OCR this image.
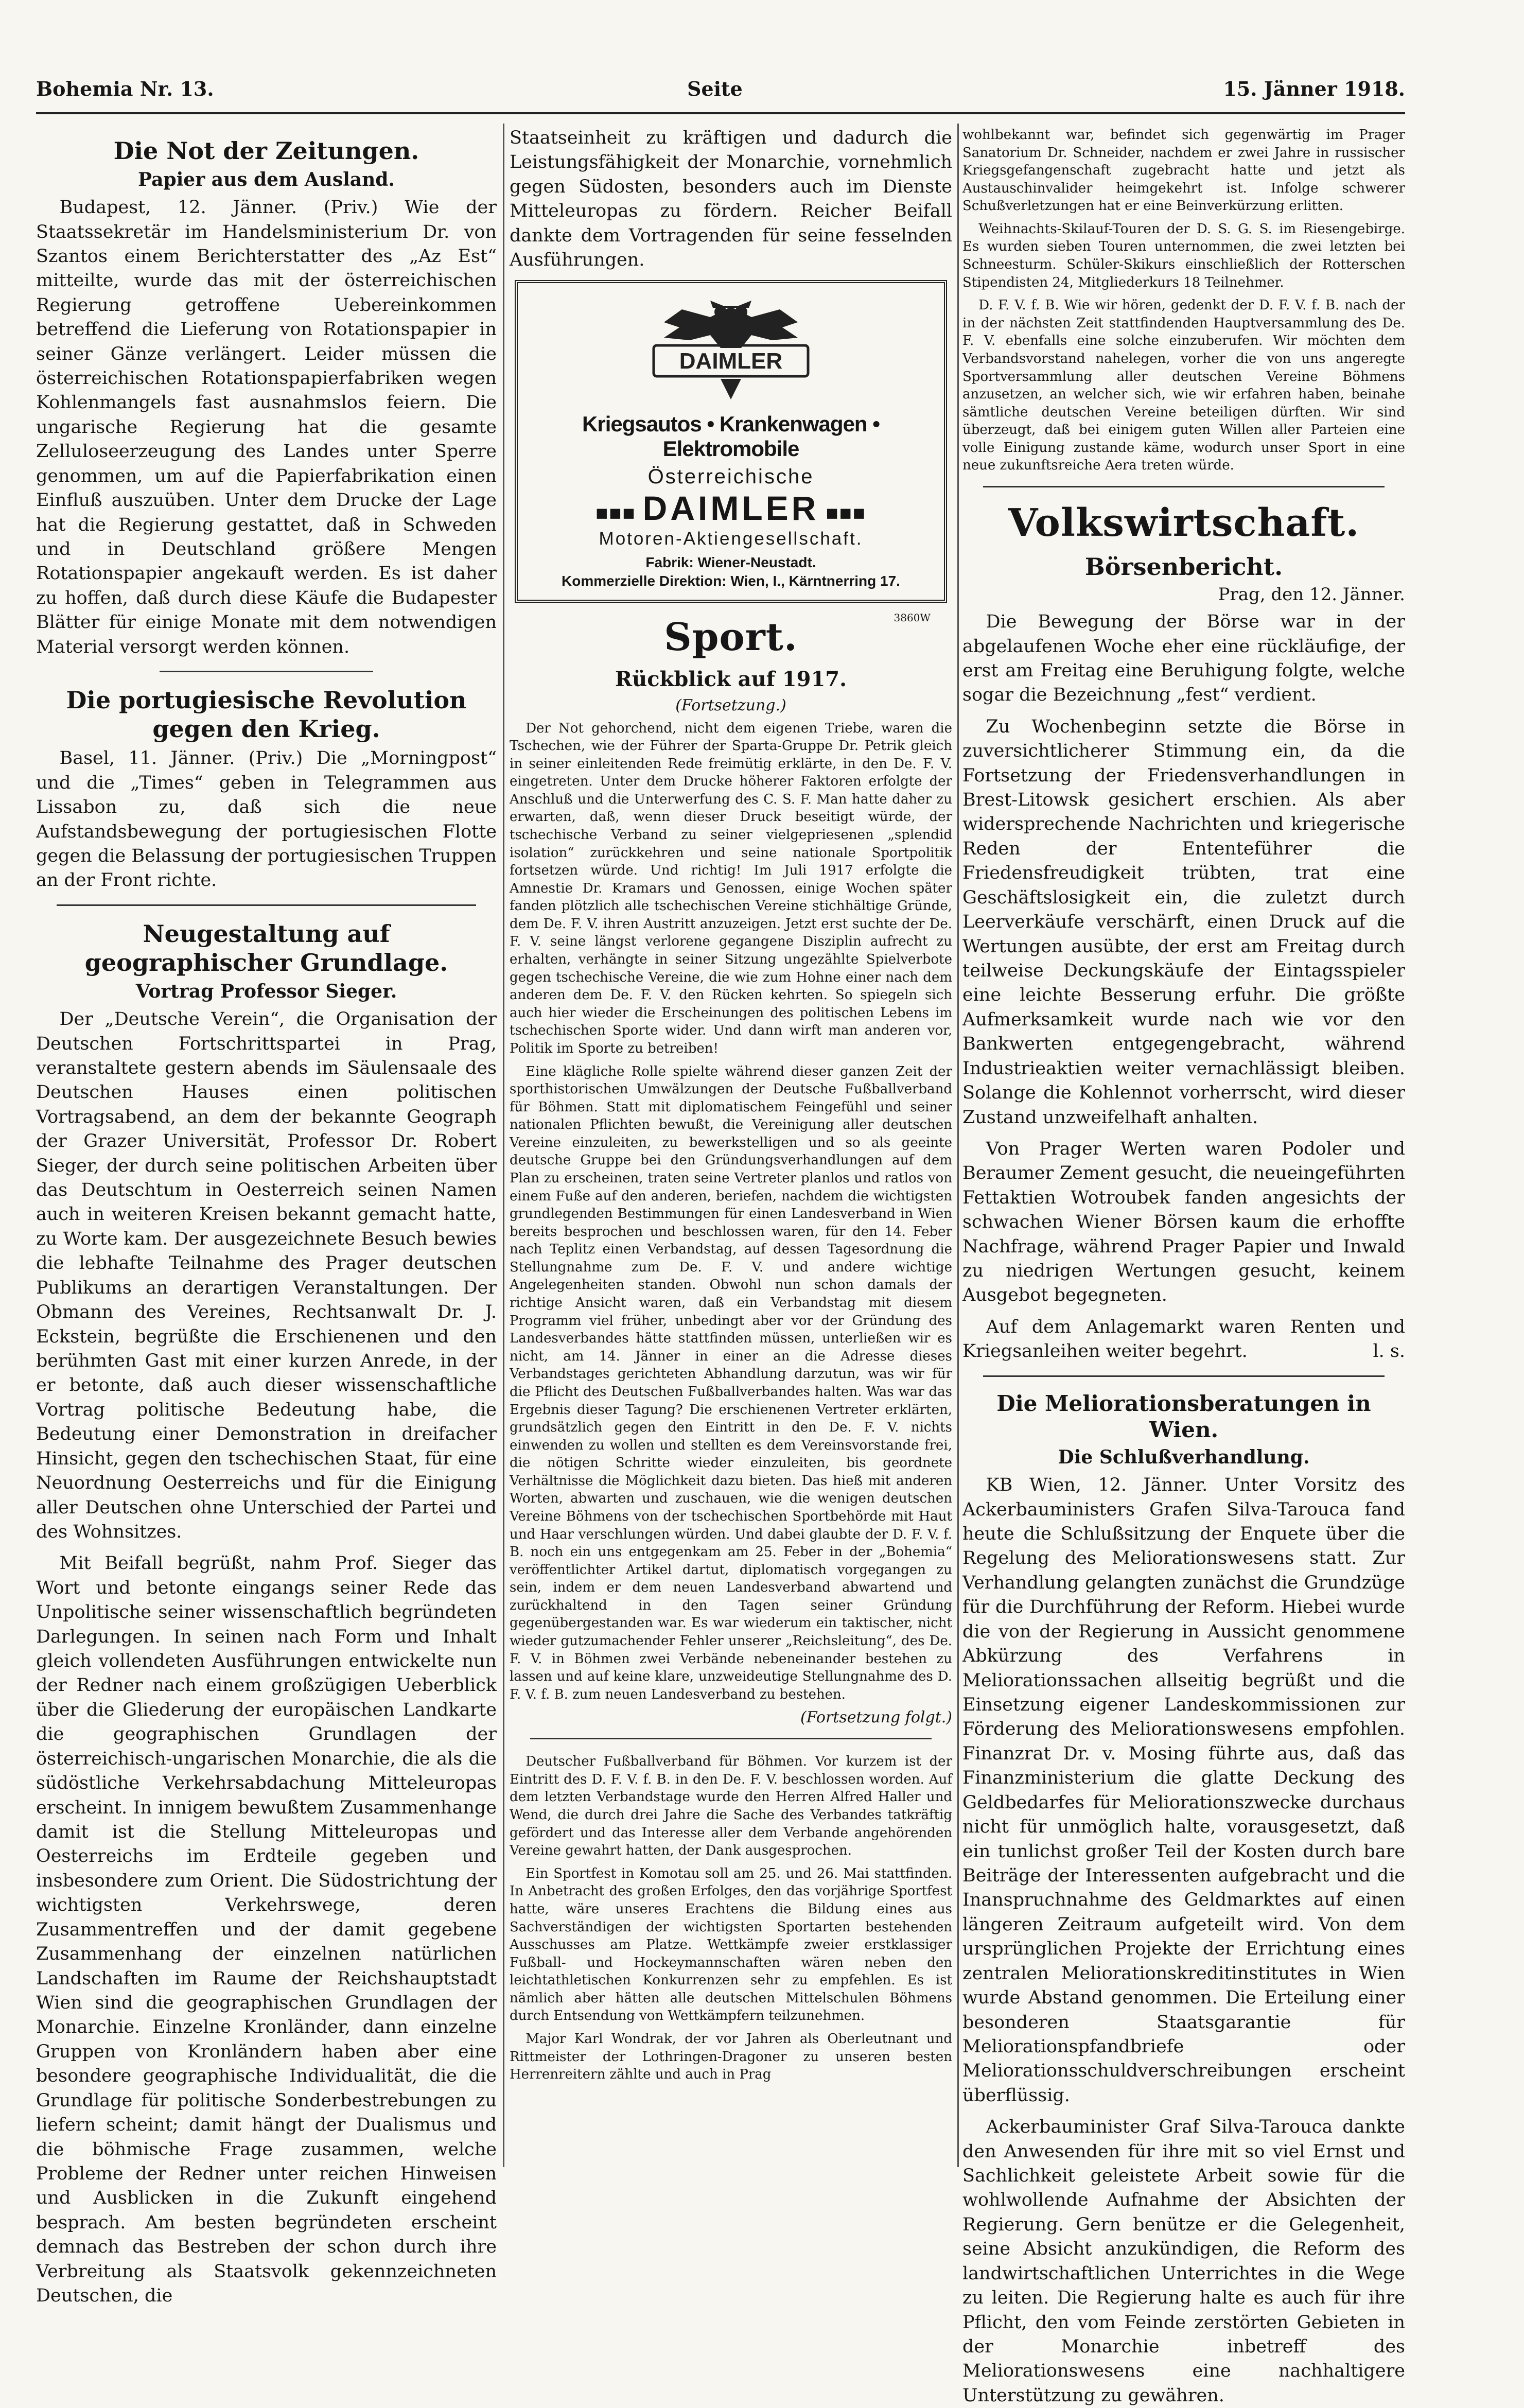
Bohemia Nr. 13.	Seite	15. Jänner 1918.
Die Not der Zeitungen.
Papier aus dem Ausland.

Budapest, 12. Jänner. (Priv.) Wie der Staatssekretär im Handelsministerium Dr. von Szantos einem Berichterstatter des „Az Est“ mitteilte, wurde das mit der österreichischen Regierung getroffene Uebereinkommen betreffend die Lieferung von Rotationspapier in seiner Gänze verlängert. Leider müssen die österreichischen Rotationspapierfabriken wegen Kohlenmangels fast ausnahmslos feiern. Die ungarische Regierung hat die gesamte Zelluloseerzeugung des Landes unter Sperre genommen, um auf die Papierfabrikation einen Einfluß auszuüben. Unter dem Drucke der Lage hat die Regierung gestattet, daß in Schweden und in Deutschland größere Mengen Rotationspapier angekauft werden. Es ist daher zu hoffen, daß durch diese Käufe die Budapester Blätter für einige Monate mit dem notwendigen Material versorgt werden können.

Die portugiesische Revolution gegen den Krieg.

Basel, 11. Jänner. (Priv.) Die „Morningpost“ und die „Times“ geben in Telegrammen aus Lissabon zu, daß sich die neue Aufstandsbewegung der portugiesischen Flotte gegen die Belassung der portugiesischen Truppen an der Front richte.

Neugestaltung auf geographischer Grundlage.
Vortrag Professor Sieger.

Der „Deutsche Verein“, die Organisation der Deutschen Fortschrittspartei in Prag, veranstaltete gestern abends im Säulensaale des Deutschen Hauses einen politischen Vortragsabend, an dem der bekannte Geograph der Grazer Universität, Professor Dr. Robert Sieger, der durch seine politischen Arbeiten über das Deutschtum in Oesterreich seinen Namen auch in weiteren Kreisen bekannt gemacht hatte, zu Worte kam. Der ausgezeichnete Besuch bewies die lebhafte Teilnahme des Prager deutschen Publikums an derartigen Veranstaltungen. Der Obmann des Vereines, Rechtsanwalt Dr. J. Eckstein, begrüßte die Erschienenen und den berühmten Gast mit einer kurzen Anrede, in der er betonte, daß auch dieser wissenschaftliche Vortrag politische Bedeutung habe, die Bedeutung einer Demonstration in dreifacher Hinsicht, gegen den tschechischen Staat, für eine Neuordnung Oesterreichs und für die Einigung aller Deutschen ohne Unterschied der Partei und des Wohnsitzes.

Mit Beifall begrüßt, nahm Prof. Sieger das Wort und betonte eingangs seiner Rede das Unpolitische seiner wissenschaftlich begründeten Darlegungen. In seinen nach Form und Inhalt gleich vollendeten Ausführungen entwickelte nun der Redner nach einem großzügigen Ueberblick über die Gliederung der europäischen Landkarte die geographischen Grundlagen der österreichisch-ungarischen Monarchie, die als die südöstliche Verkehrsabdachung Mitteleuropas erscheint. In innigem bewußtem Zusammenhange damit ist die Stellung Mitteleuropas und Oesterreichs im Erdteile gegeben und insbesondere zum Orient. Die Südostrichtung der wichtigsten Verkehrswege, deren Zusammentreffen und der damit gegebene Zusammenhang der einzelnen natürlichen Landschaften im Raume der Reichshauptstadt Wien sind die geographischen Grundlagen der Monarchie. Einzelne Kronländer, dann einzelne Gruppen von Kronländern haben aber eine besondere geographische Individualität, die die Grundlage für politische Sonderbestrebungen zu liefern scheint; damit hängt der Dualismus und die böhmische Frage zusammen, welche Probleme der Redner unter reichen Hinweisen und Ausblicken in die Zukunft eingehend besprach. Am besten begründeten erscheint demnach das Bestreben der schon durch ihre Verbreitung als Staatsvolk gekennzeichneten Deutschen, die

Staatseinheit zu kräftigen und dadurch die Leistungsfähigkeit der Monarchie, vornehmlich gegen Südosten, besonders auch im Dienste Mitteleuropas zu fördern. Reicher Beifall dankte dem Vortragenden für seine fesselnden Ausführungen.

DAIMLER
Kriegsautos • Krankenwagen • Elektromobile
Österreichische
■■■ DAIMLER ■■■
Motoren-Aktiengesellschaft.
Fabrik: Wiener-Neustadt.
Kommerzielle Direktion: Wien, I., Kärntnerring 17.
3860W
Sport.
Rückblick auf 1917.
(Fortsetzung.)

Der Not gehorchend, nicht dem eigenen Triebe, waren die Tschechen, wie der Führer der Sparta-Gruppe Dr. Petrik gleich in seiner einleitenden Rede freimütig erklärte, in den De. F. V. eingetreten. Unter dem Drucke höherer Faktoren erfolgte der Anschluß und die Unterwerfung des C. S. F. Man hatte daher zu erwarten, daß, wenn dieser Druck beseitigt würde, der tschechische Verband zu seiner vielgepriesenen „splendid isolation“ zurückkehren und seine nationale Sportpolitik fortsetzen würde. Und richtig! Im Juli 1917 erfolgte die Amnestie Dr. Kramars und Genossen, einige Wochen später fanden plötzlich alle tschechischen Vereine stichhältige Gründe, dem De. F. V. ihren Austritt anzuzeigen. Jetzt erst suchte der De. F. V. seine längst verlorene gegangene Disziplin aufrecht zu erhalten, verhängte in seiner Sitzung ungezählte Spielverbote gegen tschechische Vereine, die wie zum Hohne einer nach dem anderen dem De. F. V. den Rücken kehrten. So spiegeln sich auch hier wieder die Erscheinungen des politischen Lebens im tschechischen Sporte wider. Und dann wirft man anderen vor, Politik im Sporte zu betreiben!

Eine klägliche Rolle spielte während dieser ganzen Zeit der sporthistorischen Umwälzungen der Deutsche Fußballverband für Böhmen. Statt mit diplomatischem Feingefühl und seiner nationalen Pflichten bewußt, die Vereinigung aller deutschen Vereine einzuleiten, zu bewerkstelligen und so als geeinte deutsche Gruppe bei den Gründungsverhandlungen auf dem Plan zu erscheinen, traten seine Vertreter planlos und ratlos von einem Fuße auf den anderen, beriefen, nachdem die wichtigsten grundlegenden Bestimmungen für einen Landesverband in Wien bereits besprochen und beschlossen waren, für den 14. Feber nach Teplitz einen Verbandstag, auf dessen Tagesordnung die Stellungnahme zum De. F. V. und andere wichtige Angelegenheiten standen. Obwohl nun schon damals der richtige Ansicht waren, daß ein Verbandstag mit diesem Programm viel früher, unbedingt aber vor der Gründung des Landesverbandes hätte stattfinden müssen, unterließen wir es nicht, am 14. Jänner in einer an die Adresse dieses Verbandstages gerichteten Abhandlung darzutun, was wir für die Pflicht des Deutschen Fußballverbandes halten. Was war das Ergebnis dieser Tagung? Die erschienenen Vertreter erklärten, grundsätzlich gegen den Eintritt in den De. F. V. nichts einwenden zu wollen und stellten es dem Vereinsvorstande frei, die nötigen Schritte wieder einzuleiten, bis geordnete Verhältnisse die Möglichkeit dazu bieten. Das hieß mit anderen Worten, abwarten und zuschauen, wie die wenigen deutschen Vereine Böhmens von der tschechischen Sportbehörde mit Haut und Haar verschlungen würden. Und dabei glaubte der D. F. V. f. B. noch ein uns entgegenkam am 25. Feber in der „Bohemia“ veröffentlichter Artikel dartut, diplomatisch vorgegangen zu sein, indem er dem neuen Landesverband abwartend und zurückhaltend in den Tagen seiner Gründung gegenübergestanden war. Es war wiederum ein taktischer, nicht wieder gutzumachender Fehler unserer „Reichsleitung“, des De. F. V. in Böhmen zwei Verbände nebeneinander bestehen zu lassen und auf keine klare, unzweideutige Stellungnahme des D. F. V. f. B. zum neuen Landesverband zu bestehen.

(Fortsetzung folgt.)

Deutscher Fußballverband für Böhmen. Vor kurzem ist der Eintritt des D. F. V. f. B. in den De. F. V. beschlossen worden. Auf dem letzten Verbandstage wurde den Herren Alfred Haller und Wend, die durch drei Jahre die Sache des Verbandes tatkräftig gefördert und das Interesse aller dem Verbande angehörenden Vereine gewahrt hatten, der Dank ausgesprochen.

Ein Sportfest in Komotau soll am 25. und 26. Mai stattfinden. In Anbetracht des großen Erfolges, den das vorjährige Sportfest hatte, wäre unseres Erachtens die Bildung eines aus Sachverständigen der wichtigsten Sportarten bestehenden Ausschusses am Platze. Wettkämpfe zweier erstklassiger Fußball- und Hockeymannschaften wären neben den leichtathletischen Konkurrenzen sehr zu empfehlen. Es ist nämlich aber hätten alle deutschen Mittelschulen Böhmens durch Entsendung von Wettkämpfern teilzunehmen.

Major Karl Wondrak, der vor Jahren als Oberleutnant und Rittmeister der Lothringen-Dragoner zu unseren besten Herrenreitern zählte und auch in Prag

wohlbekannt war, befindet sich gegenwärtig im Prager Sanatorium Dr. Schneider, nachdem er zwei Jahre in russischer Kriegsgefangenschaft zugebracht hatte und jetzt als Austauschinvalider heimgekehrt ist. Infolge schwerer Schußverletzungen hat er eine Beinverkürzung erlitten.

Weihnachts-Skilauf-Touren der D. S. G. S. im Riesengebirge. Es wurden sieben Touren unternommen, die zwei letzten bei Schneesturm. Schüler-Skikurs einschließlich der Rotterschen Stipendisten 24, Mitgliederkurs 18 Teilnehmer.

D. F. V. f. B. Wie wir hören, gedenkt der D. F. V. f. B. nach der in der nächsten Zeit stattfindenden Hauptversammlung des De. F. V. ebenfalls eine solche einzuberufen. Wir möchten dem Verbandsvorstand nahelegen, vorher die von uns angeregte Sportversammlung aller deutschen Vereine Böhmens anzusetzen, an welcher sich, wie wir erfahren haben, beinahe sämtliche deutschen Vereine beteiligen dürften. Wir sind überzeugt, daß bei einigem guten Willen aller Parteien eine volle Einigung zustande käme, wodurch unser Sport in eine neue zukunftsreiche Aera treten würde.

Volkswirtschaft.
Börsenbericht.
Prag, den 12. Jänner.

Die Bewegung der Börse war in der abgelaufenen Woche eher eine rückläufige, der erst am Freitag eine Beruhigung folgte, welche sogar die Bezeichnung „fest“ verdient.

Zu Wochenbeginn setzte die Börse in zuversichtlicherer Stimmung ein, da die Fortsetzung der Friedensverhandlungen in Brest-Litowsk gesichert erschien. Als aber widersprechende Nachrichten und kriegerische Reden der Ententeführer die Friedensfreudigkeit trübten, trat eine Geschäftslosigkeit ein, die zuletzt durch Leerverkäufe verschärft, einen Druck auf die Wertungen ausübte, der erst am Freitag durch teilweise Deckungskäufe der Eintagsspieler eine leichte Besserung erfuhr. Die größte Aufmerksamkeit wurde nach wie vor den Bankwerten entgegengebracht, während Industrieaktien weiter vernachlässigt bleiben. Solange die Kohlennot vorherrscht, wird dieser Zustand unzweifelhaft anhalten.

Von Prager Werten waren Podoler und Beraumer Zement gesucht, die neueingeführten Fettaktien Wotroubek fanden angesichts der schwachen Wiener Börsen kaum die erhoffte Nachfrage, während Prager Papier und Inwald zu niedrigen Wertungen gesucht, keinem Ausgebot begegneten.

Auf dem Anlagemarkt waren Renten und Kriegsanleihen weiter begehrt.	l. s.

Die Meliorationsberatungen in Wien.
Die Schlußverhandlung.

KB Wien, 12. Jänner. Unter Vorsitz des Ackerbauministers Grafen Silva-Tarouca fand heute die Schlußsitzung der Enquete über die Regelung des Meliorationswesens statt. Zur Verhandlung gelangten zunächst die Grundzüge für die Durchführung der Reform. Hiebei wurde die von der Regierung in Aussicht genommene Abkürzung des Verfahrens in Meliorationssachen allseitig begrüßt und die Einsetzung eigener Landeskommissionen zur Förderung des Meliorationswesens empfohlen. Finanzrat Dr. v. Mosing führte aus, daß das Finanzministerium die glatte Deckung des Geldbedarfes für Meliorationszwecke durchaus nicht für unmöglich halte, vorausgesetzt, daß ein tunlichst großer Teil der Kosten durch bare Beiträge der Interessenten aufgebracht und die Inanspruchnahme des Geldmarktes auf einen längeren Zeitraum aufgeteilt wird. Von dem ursprünglichen Projekte der Errichtung eines zentralen Meliorationskreditinstitutes in Wien wurde Abstand genommen. Die Erteilung einer besonderen Staatsgarantie für Meliorationspfandbriefe oder Meliorationsschuldverschreibungen erscheint überflüssig.

Ackerbauminister Graf Silva-Tarouca dankte den Anwesenden für ihre mit so viel Ernst und Sachlichkeit geleistete Arbeit sowie für die wohlwollende Aufnahme der Absichten der Regierung. Gern benütze er die Gelegenheit, seine Absicht anzukündigen, die Reform des landwirtschaftlichen Unterrichtes in die Wege zu leiten. Die Regierung halte es auch für ihre Pflicht, den vom Feinde zerstörten Gebieten in der Monarchie inbetreff des Meliorationswesens eine nachhaltigere Unterstützung zu gewähren.
